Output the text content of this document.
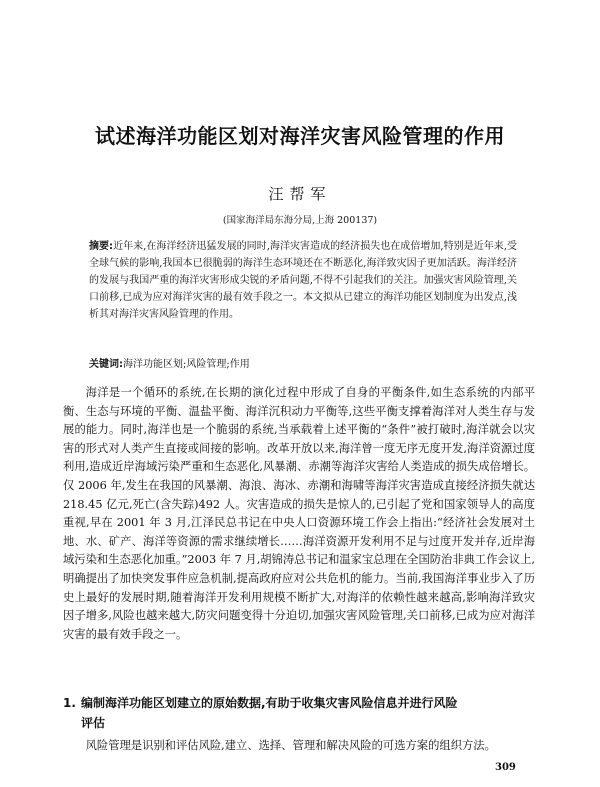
试述海洋功能区划对海洋灾害风险管理的作用
汪帮军
(国家海洋局东海分局,上海 200137)
摘要:近年来,在海洋经济迅猛发展的同时,海洋灾害造成的经济损失也在成倍增加,特别是近年来,受全球气候的影响,我国本已很脆弱的海洋生态环境还在不断恶化,海洋致灾因子更加活跃。海洋经济的发展与我国严重的海洋灾害形成尖锐的矛盾问题,不得不引起我们的关注。加强灾害风险管理,关口前移,已成为应对海洋灾害的最有效手段之一。本文拟从已建立的海洋功能区划制度为出发点,浅析其对海洋灾害风险管理的作用。
关键词:海洋功能区划;风险管理;作用

海洋是一个循环的系统,在长期的演化过程中形成了自身的平衡条件,如生态系统的内部平衡、生态与环境的平衡、温盐平衡、海洋沉积动力平衡等,这些平衡支撑着海洋对人类生存与发展的能力。同时,海洋也是一个脆弱的系统,当承载着上述平衡的“条件”被打破时,海洋就会以灾害的形式对人类产生直接或间接的影响。改革开放以来,海洋曾一度无序无度开发,海洋资源过度利用,造成近岸海域污染严重和生态恶化,风暴潮、赤潮等海洋灾害给人类造成的损失成倍增长。仅 2006 年,发生在我国的风暴潮、海浪、海冰、赤潮和海啸等海洋灾害造成直接经济损失就达 218.45 亿元,死亡(含失踪)492 人。灾害造成的损失是惊人的,已引起了党和国家领导人的高度重视,早在 2001 年 3 月,江泽民总书记在中央人口资源环境工作会上指出:“经济社会发展对土地、水、矿产、海洋等资源的需求继续增长……海洋资源开发利用不足与过度开发并存,近岸海域污染和生态恶化加重。”2003 年 7 月,胡锦涛总书记和温家宝总理在全国防治非典工作会议上,明确提出了加快突发事件应急机制,提高政府应对公共危机的能力。当前,我国海洋事业步入了历史上最好的发展时期,随着海洋开发利用规模不断扩大,对海洋的依赖性越来越高,影响海洋致灾因子增多,风险也越来越大,防灾问题变得十分迫切,加强灾害风险管理,关口前移,已成为应对海洋灾害的最有效手段之一。

1. 编制海洋功能区划建立的原始数据,有助于收集灾害风险信息并进行风险
评估

风险管理是识别和评估风险,建立、选择、管理和解决风险的可选方案的组织方法。

309
